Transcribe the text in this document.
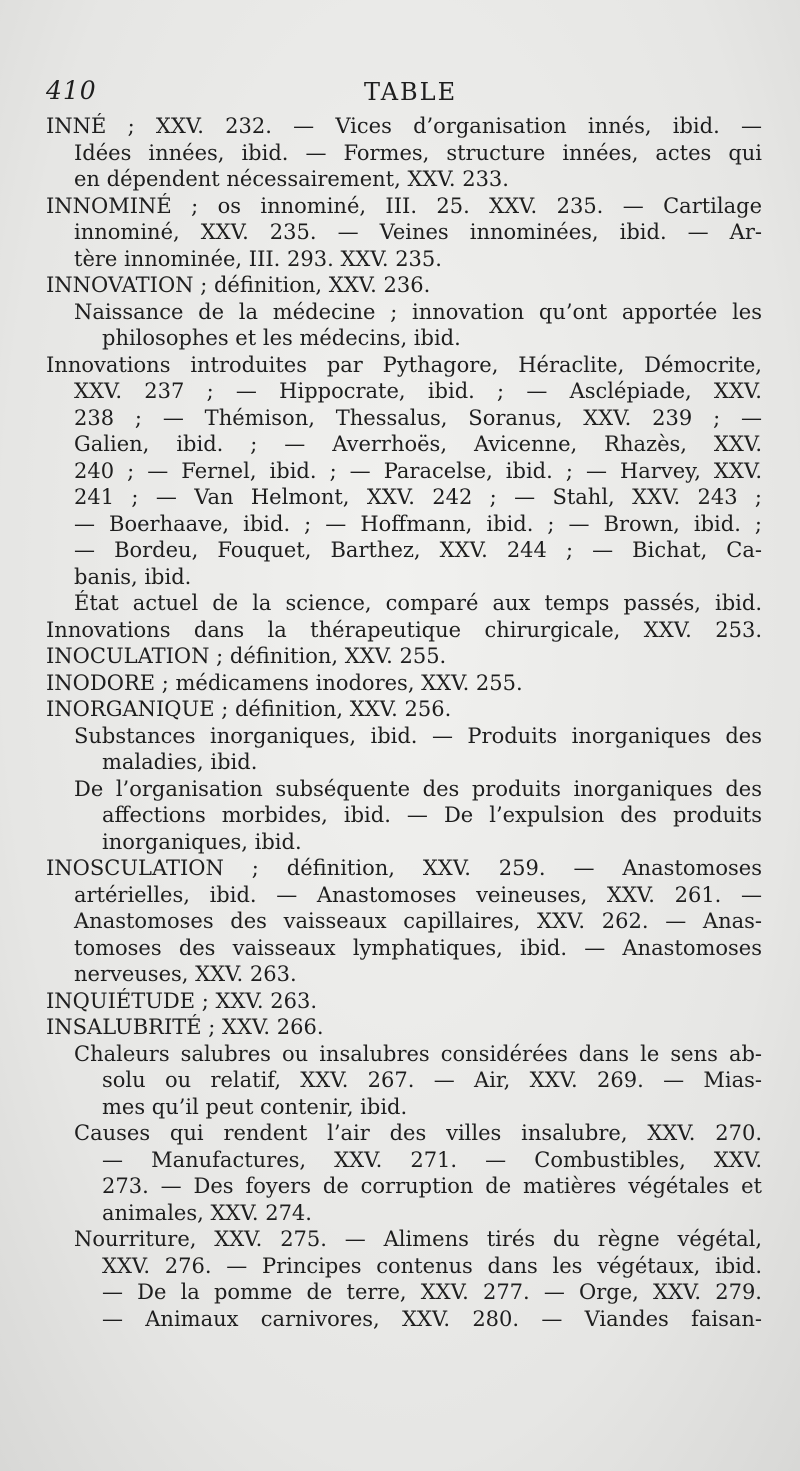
410	TABLE
INNÉ ; XXV. 232. — Vices d’organisation innés, ibid. —
Idées innées, ibid. — Formes, structure innées, actes qui
en dépendent nécessairement, XXV. 233.
INNOMINÉ ; os innominé, III. 25. XXV. 235. — Cartilage
innominé, XXV. 235. — Veines innominées, ibid. — Ar-
tère innominée, III. 293. XXV. 235.
INNOVATION ; définition, XXV. 236.
Naissance de la médecine ; innovation qu’ont apportée les
philosophes et les médecins, ibid.
Innovations introduites par Pythagore, Héraclite, Démocrite,
XXV. 237 ; — Hippocrate, ibid. ; — Asclépiade, XXV.
238 ; — Thémison, Thessalus, Soranus, XXV. 239 ; —
Galien, ibid. ; — Averrhoës, Avicenne, Rhazès, XXV.
240 ; — Fernel, ibid. ; — Paracelse, ibid. ; — Harvey, XXV.
241 ; — Van Helmont, XXV. 242 ; — Stahl, XXV. 243 ;
— Boerhaave, ibid. ; — Hoffmann, ibid. ; — Brown, ibid. ;
— Bordeu, Fouquet, Barthez, XXV. 244 ; — Bichat, Ca-
banis, ibid.
État actuel de la science, comparé aux temps passés, ibid.
Innovations dans la thérapeutique chirurgicale, XXV. 253.
INOCULATION ; définition, XXV. 255.
INODORE ; médicamens inodores, XXV. 255.
INORGANIQUE ; définition, XXV. 256.
Substances inorganiques, ibid. — Produits inorganiques des
maladies, ibid.
De l’organisation subséquente des produits inorganiques des
affections morbides, ibid. — De l’expulsion des produits
inorganiques, ibid.
INOSCULATION ; définition, XXV. 259. — Anastomoses
artérielles, ibid. — Anastomoses veineuses, XXV. 261. —
Anastomoses des vaisseaux capillaires, XXV. 262. — Anas-
tomoses des vaisseaux lymphatiques, ibid. — Anastomoses
nerveuses, XXV. 263.
INQUIÉTUDE ; XXV. 263.
INSALUBRITÉ ; XXV. 266.
Chaleurs salubres ou insalubres considérées dans le sens ab-
solu ou relatif, XXV. 267. — Air, XXV. 269. — Mias-
mes qu’il peut contenir, ibid.
Causes qui rendent l’air des villes insalubre, XXV. 270.
— Manufactures, XXV. 271. — Combustibles, XXV.
273. — Des foyers de corruption de matières végétales et
animales, XXV. 274.
Nourriture, XXV. 275. — Alimens tirés du règne végétal,
XXV. 276. — Principes contenus dans les végétaux, ibid.
— De la pomme de terre, XXV. 277. — Orge, XXV. 279.
— Animaux carnivores, XXV. 280. — Viandes faisan-
